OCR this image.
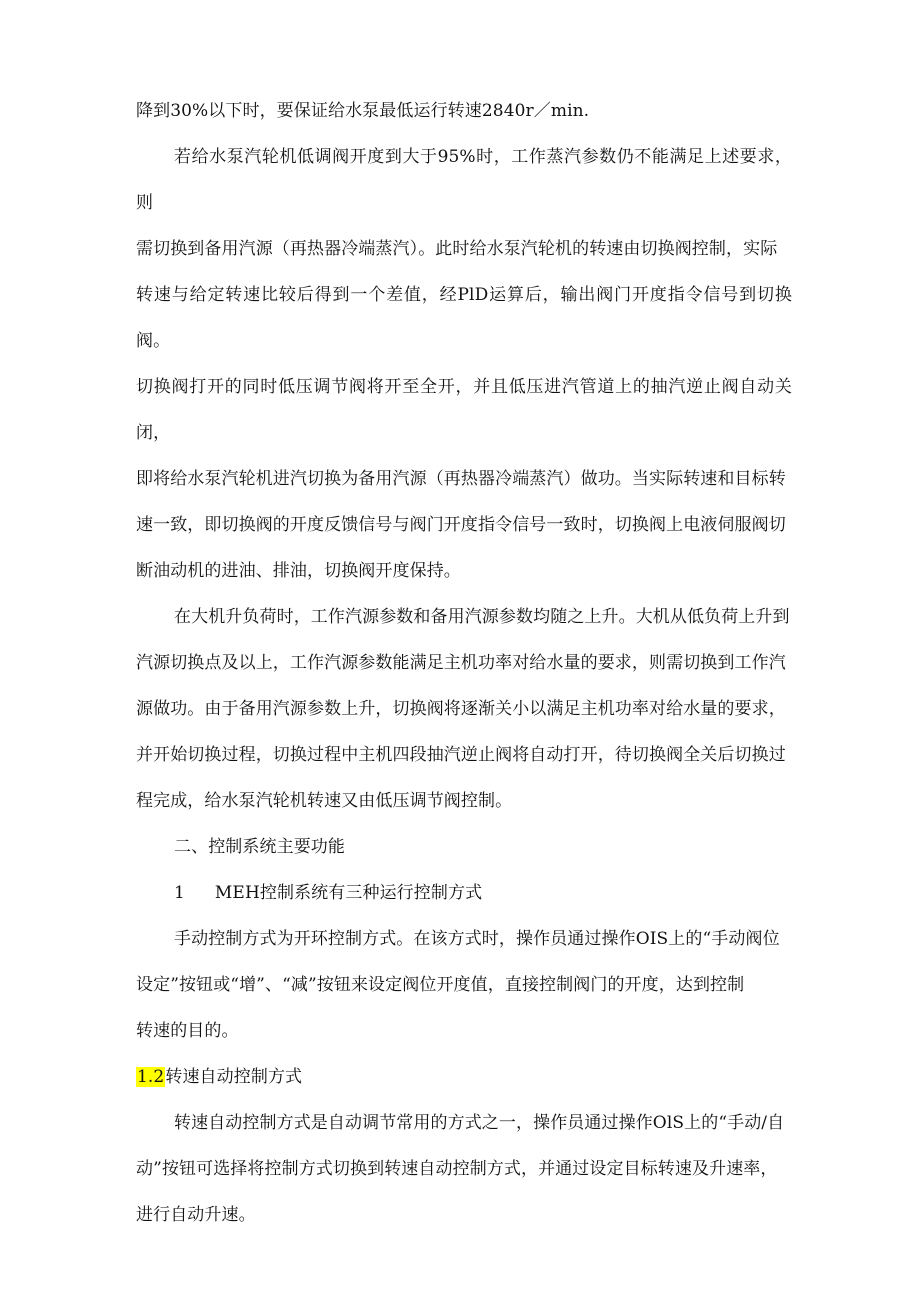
降到30%以下时，要保证给水泵最低运行转速2840r／min.

若给水泵汽轮机低调阀开度到大于95%时，工作蒸汽参数仍不能满足上述要求，则
需切换到备用汽源（再热器冷端蒸汽）。此时给水泵汽轮机的转速由切换阀控制，实际
转速与给定转速比较后得到一个差值，经PlD运算后，输出阀门开度指令信号到切换阀。
切换阀打开的同时低压调节阀将开至全开，并且低压进汽管道上的抽汽逆止阀自动关闭，
即将给水泵汽轮机进汽切换为备用汽源（再热器冷端蒸汽）做功。当实际转速和目标转
速一致，即切换阀的开度反馈信号与阀门开度指令信号一致时，切换阀上电液伺服阀切
断油动机的进油、排油，切换阀开度保持。

在大机升负荷时，工作汽源参数和备用汽源参数均随之上升。大机从低负荷上升到
汽源切换点及以上，工作汽源参数能满足主机功率对给水量的要求，则需切换到工作汽
源做功。由于备用汽源参数上升，切换阀将逐渐关小以满足主机功率对给水量的要求，
并开始切换过程，切换过程中主机四段抽汽逆止阀将自动打开，待切换阀全关后切换过
程完成，给水泵汽轮机转速又由低压调节阀控制。

二、控制系统主要功能

1 MEH控制系统有三种运行控制方式

手动控制方式为开环控制方式。在该方式时，操作员通过操作OIS上的“手动阀位
设定”按钮或“增”、“减”按钮来设定阀位开度值，直接控制阀门的开度，达到控制
转速的目的。

1.2转速自动控制方式

转速自动控制方式是自动调节常用的方式之一，操作员通过操作OlS上的“手动/自
动”按钮可选择将控制方式切换到转速自动控制方式，并通过设定目标转速及升速率，
进行自动升速。
